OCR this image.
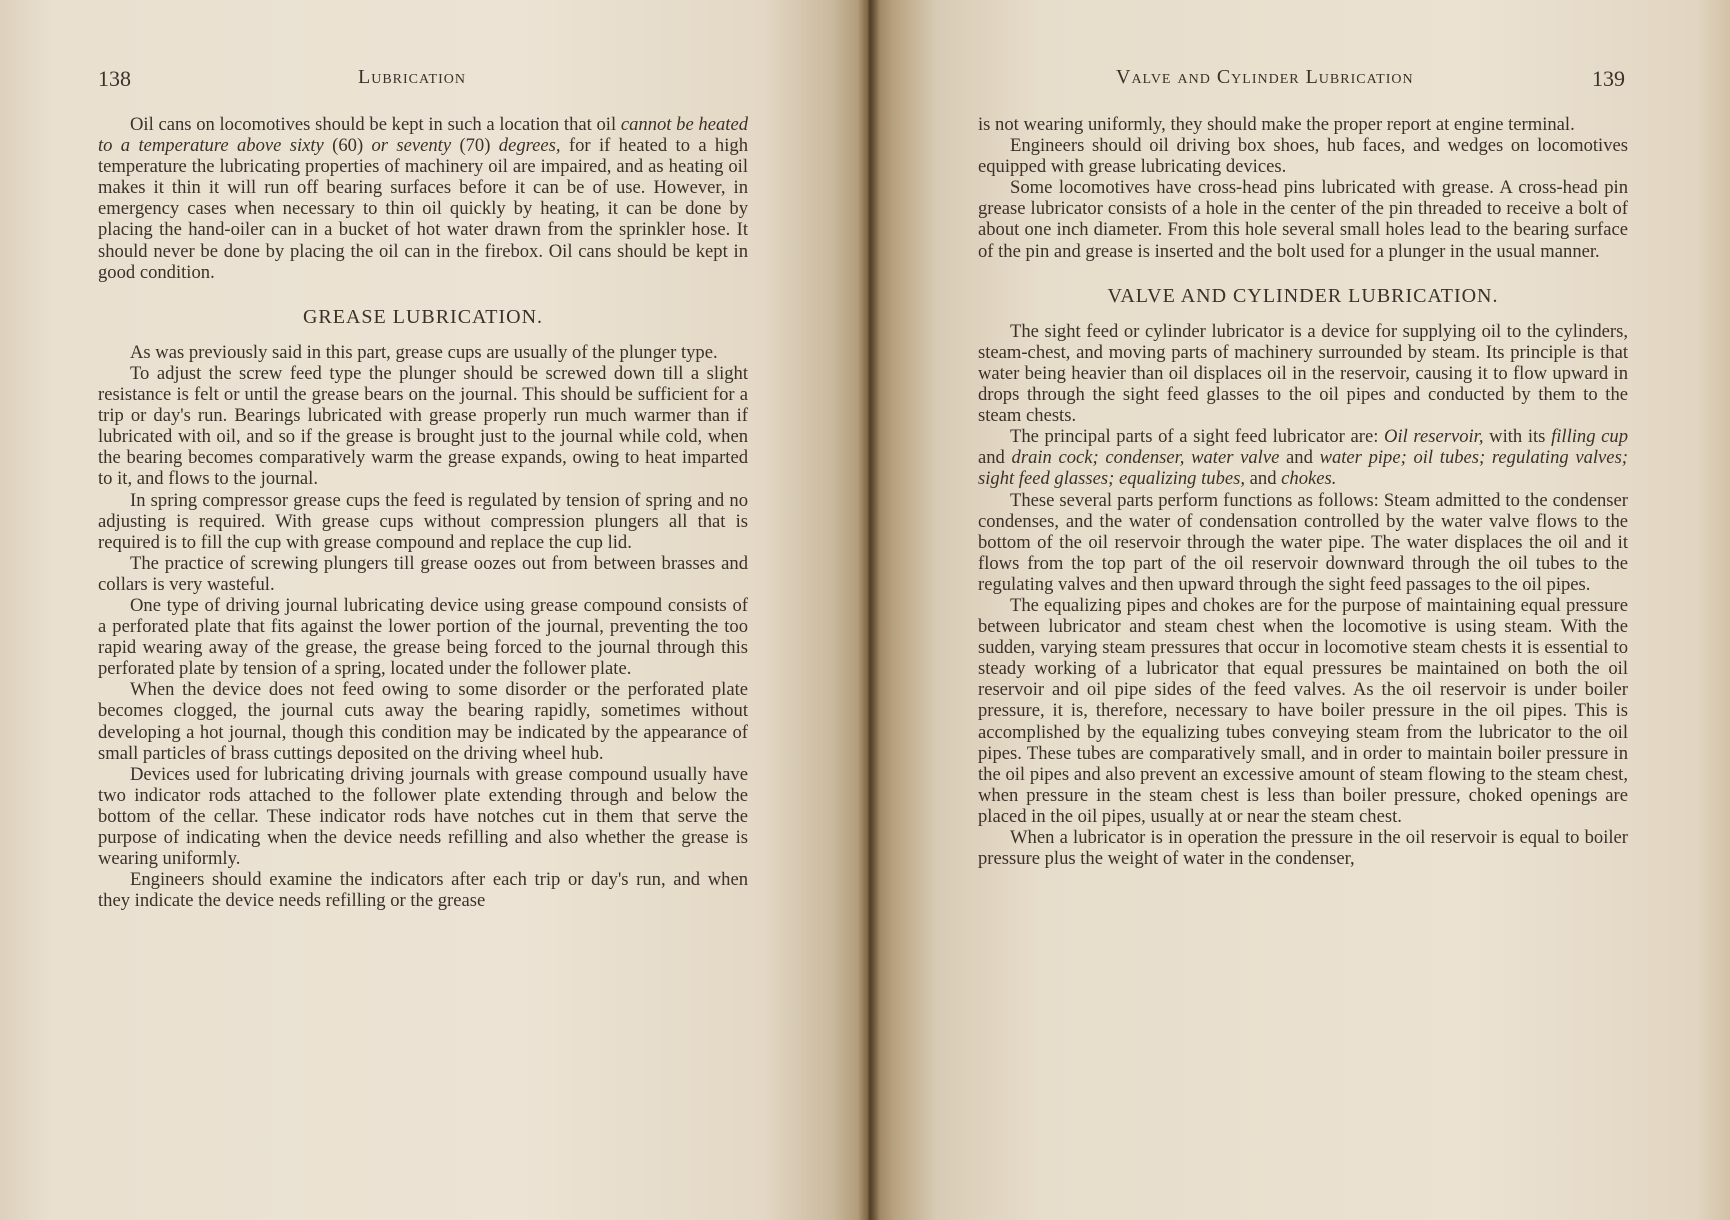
138	Lubrication

Oil cans on locomotives should be kept in such a location that oil cannot be heated to a temperature above sixty (60) or seventy (70) degrees, for if heated to a high temperature the lubricating properties of machinery oil are impaired, and as heating oil makes it thin it will run off bearing surfaces before it can be of use. However, in emergency cases when necessary to thin oil quickly by heating, it can be done by placing the hand-oiler can in a bucket of hot water drawn from the sprinkler hose. It should never be done by placing the oil can in the firebox. Oil cans should be kept in good condition.

GREASE LUBRICATION.

As was previously said in this part, grease cups are usually of the plunger type.

To adjust the screw feed type the plunger should be screwed down till a slight resistance is felt or until the grease bears on the journal. This should be sufficient for a trip or day's run. Bearings lubricated with grease properly run much warmer than if lubricated with oil, and so if the grease is brought just to the journal while cold, when the bearing becomes comparatively warm the grease expands, owing to heat imparted to it, and flows to the journal.

In spring compressor grease cups the feed is regulated by tension of spring and no adjusting is required. With grease cups without compression plungers all that is required is to fill the cup with grease compound and replace the cup lid.

The practice of screwing plungers till grease oozes out from between brasses and collars is very wasteful.

One type of driving journal lubricating device using grease compound consists of a perforated plate that fits against the lower portion of the journal, preventing the too rapid wearing away of the grease, the grease being forced to the journal through this perforated plate by tension of a spring, located under the follower plate.

When the device does not feed owing to some disorder or the perforated plate becomes clogged, the journal cuts away the bearing rapidly, sometimes without developing a hot journal, though this condition may be indicated by the appearance of small particles of brass cuttings deposited on the driving wheel hub.

Devices used for lubricating driving journals with grease compound usually have two indicator rods attached to the follower plate extending through and below the bottom of the cellar. These indicator rods have notches cut in them that serve the purpose of indicating when the device needs refilling and also whether the grease is wearing uniformly.

Engineers should examine the indicators after each trip or day's run, and when they indicate the device needs refilling or the grease

Valve and Cylinder Lubrication	139

is not wearing uniformly, they should make the proper report at engine terminal.

Engineers should oil driving box shoes, hub faces, and wedges on locomotives equipped with grease lubricating devices.

Some locomotives have cross-head pins lubricated with grease. A cross-head pin grease lubricator consists of a hole in the center of the pin threaded to receive a bolt of about one inch diameter. From this hole several small holes lead to the bearing surface of the pin and grease is inserted and the bolt used for a plunger in the usual manner.

VALVE AND CYLINDER LUBRICATION.

The sight feed or cylinder lubricator is a device for supplying oil to the cylinders, steam-chest, and moving parts of machinery surrounded by steam. Its principle is that water being heavier than oil displaces oil in the reservoir, causing it to flow upward in drops through the sight feed glasses to the oil pipes and conducted by them to the steam chests.

The principal parts of a sight feed lubricator are: Oil reservoir, with its filling cup and drain cock; condenser, water valve and water pipe; oil tubes; regulating valves; sight feed glasses; equalizing tubes, and chokes.

These several parts perform functions as follows: Steam admitted to the condenser condenses, and the water of condensation controlled by the water valve flows to the bottom of the oil reservoir through the water pipe. The water displaces the oil and it flows from the top part of the oil reservoir downward through the oil tubes to the regulating valves and then upward through the sight feed passages to the oil pipes.

The equalizing pipes and chokes are for the purpose of maintaining equal pressure between lubricator and steam chest when the locomotive is using steam. With the sudden, varying steam pressures that occur in locomotive steam chests it is essential to steady working of a lubricator that equal pressures be maintained on both the oil reservoir and oil pipe sides of the feed valves. As the oil reservoir is under boiler pressure, it is, therefore, necessary to have boiler pressure in the oil pipes. This is accomplished by the equalizing tubes conveying steam from the lubricator to the oil pipes. These tubes are comparatively small, and in order to maintain boiler pressure in the oil pipes and also prevent an excessive amount of steam flowing to the steam chest, when pressure in the steam chest is less than boiler pressure, choked openings are placed in the oil pipes, usually at or near the steam chest.

When a lubricator is in operation the pressure in the oil reservoir is equal to boiler pressure plus the weight of water in the condenser,
